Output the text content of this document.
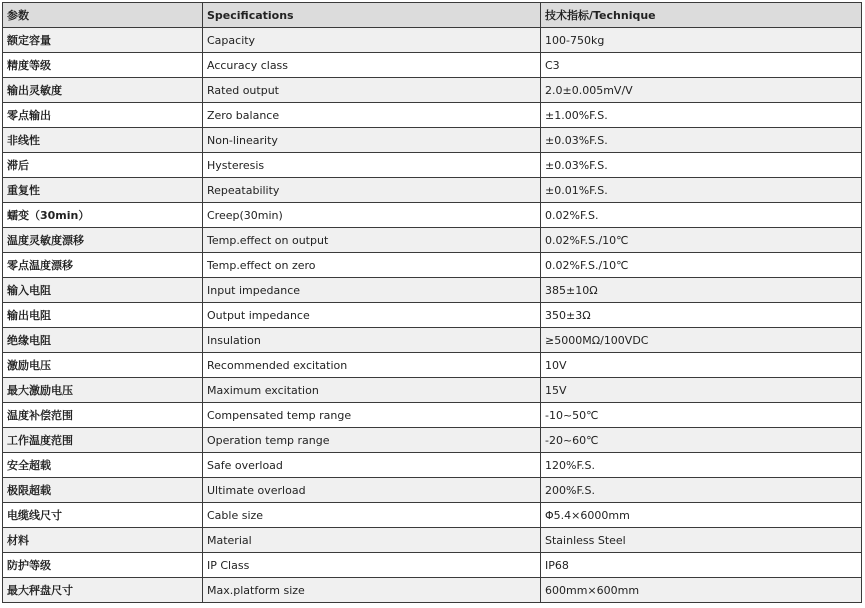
参数	Specifications	技术指标/Technique
额定容量	Capacity	100-750kg
精度等级	Accuracy class	C3
输出灵敏度	Rated output	2.0±0.005mV/V
零点输出	Zero balance	±1.00%F.S.
非线性	Non-linearity	±0.03%F.S.
滞后	Hysteresis	±0.03%F.S.
重复性	Repeatability	±0.01%F.S.
蠕变（30min）	Creep(30min)	0.02%F.S.
温度灵敏度漂移	Temp.effect on output	0.02%F.S./10℃
零点温度漂移	Temp.effect on zero	0.02%F.S./10℃
输入电阻	Input impedance	385±10Ω
输出电阻	Output impedance	350±3Ω
绝缘电阻	Insulation	≥5000MΩ/100VDC
激励电压	Recommended excitation	10V
最大激励电压	Maximum excitation	15V
温度补偿范围	Compensated temp range	-10~50℃
工作温度范围	Operation temp range	-20~60℃
安全超载	Safe overload	120%F.S.
极限超载	Ultimate overload	200%F.S.
电缆线尺寸	Cable size	Φ5.4×6000mm
材料	Material	Stainless Steel
防护等级	IP Class	IP68
最大秤盘尺寸	Max.platform size	600mm×600mm
